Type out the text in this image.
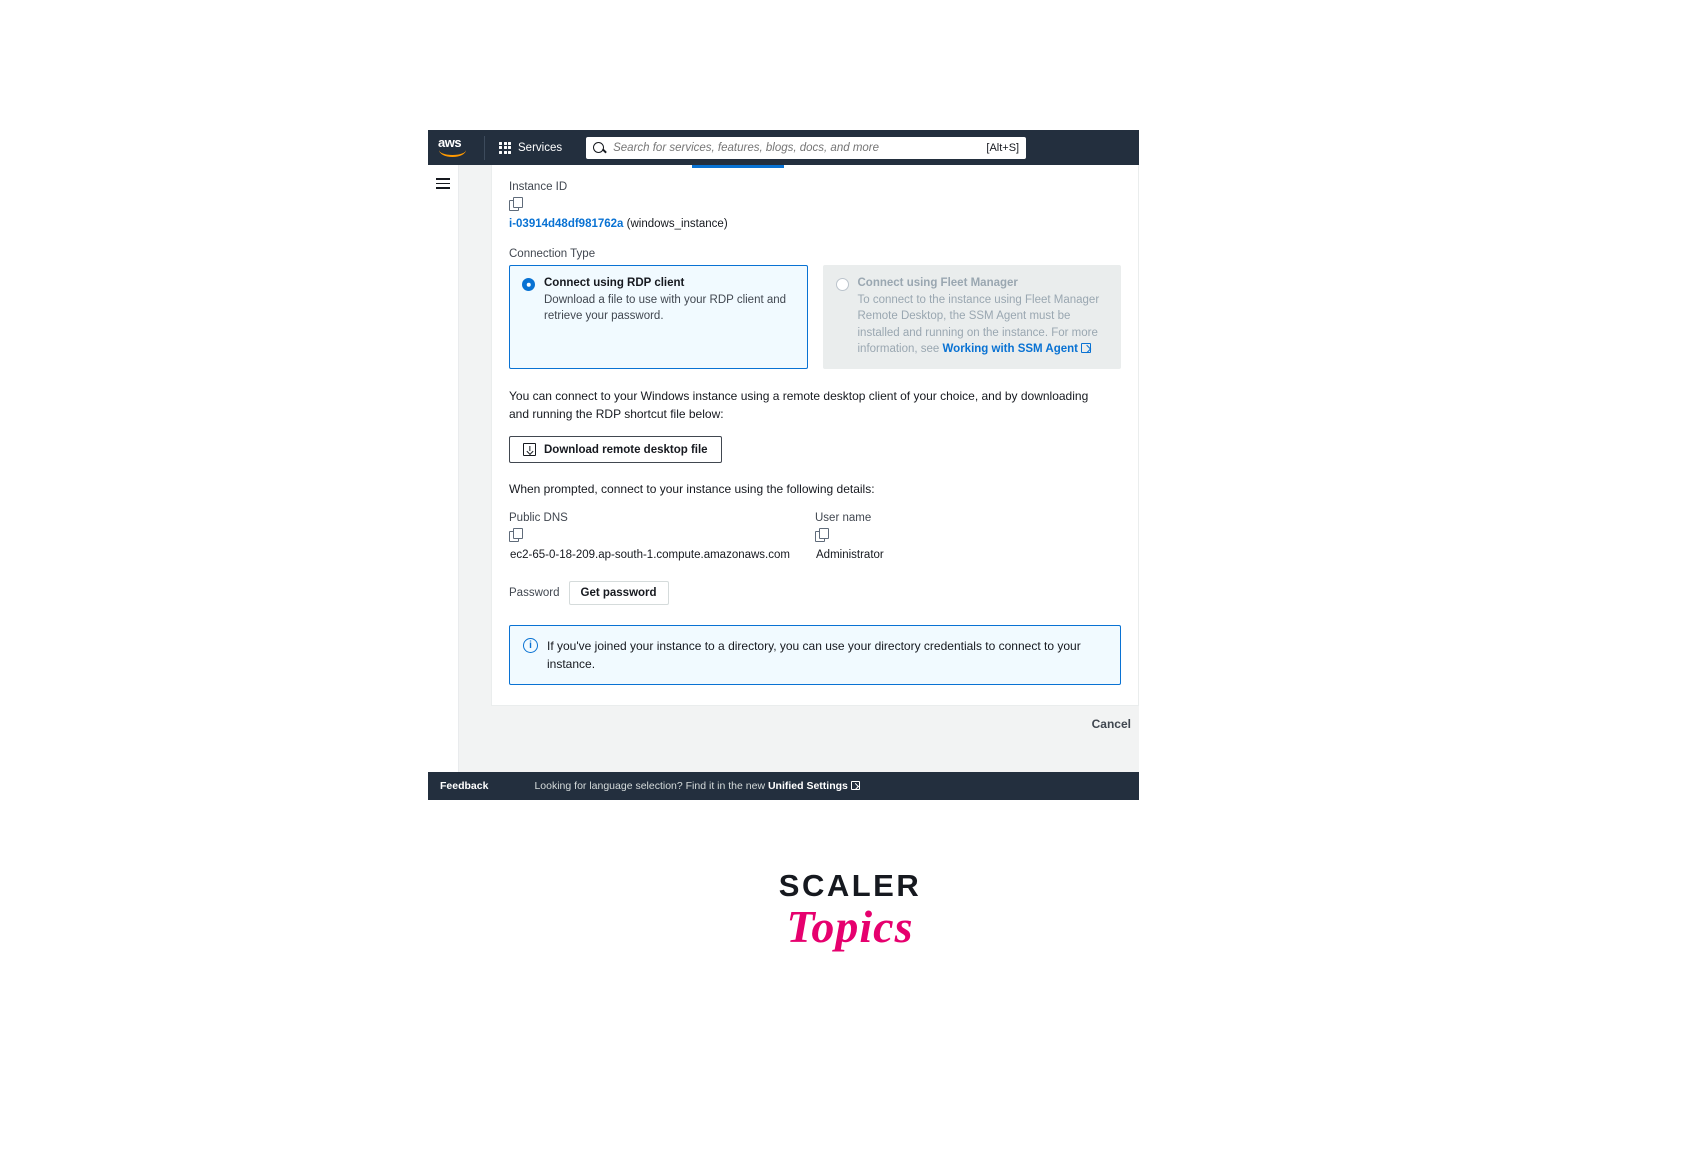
aws	Services
Search for services, features, blogs, docs, and more	[Alt+S]
Instance ID
i-03914d48df981762a (windows_instance)
Connection Type
Connect using RDP client
Download a file to use with your RDP client and retrieve your password.
Connect using Fleet Manager
To connect to the instance using Fleet Manager Remote Desktop, the SSM Agent must be installed and running on the instance. For more information, see Working with SSM Agent

You can connect to your Windows instance using a remote desktop client of your choice, and by downloading and running the RDP shortcut file below:

Download remote desktop file
When prompted, connect to your instance using the following details:
Public DNS
ec2-65-0-18-209.ap-south-1.compute.amazonaws.com
User name
Administrator
Password	Get password
i	If you've joined your instance to a directory, you can use your directory credentials to connect to your instance.
Cancel
Feedback	Looking for language selection? Find it in the new Unified Settings
SCALER
Topics
